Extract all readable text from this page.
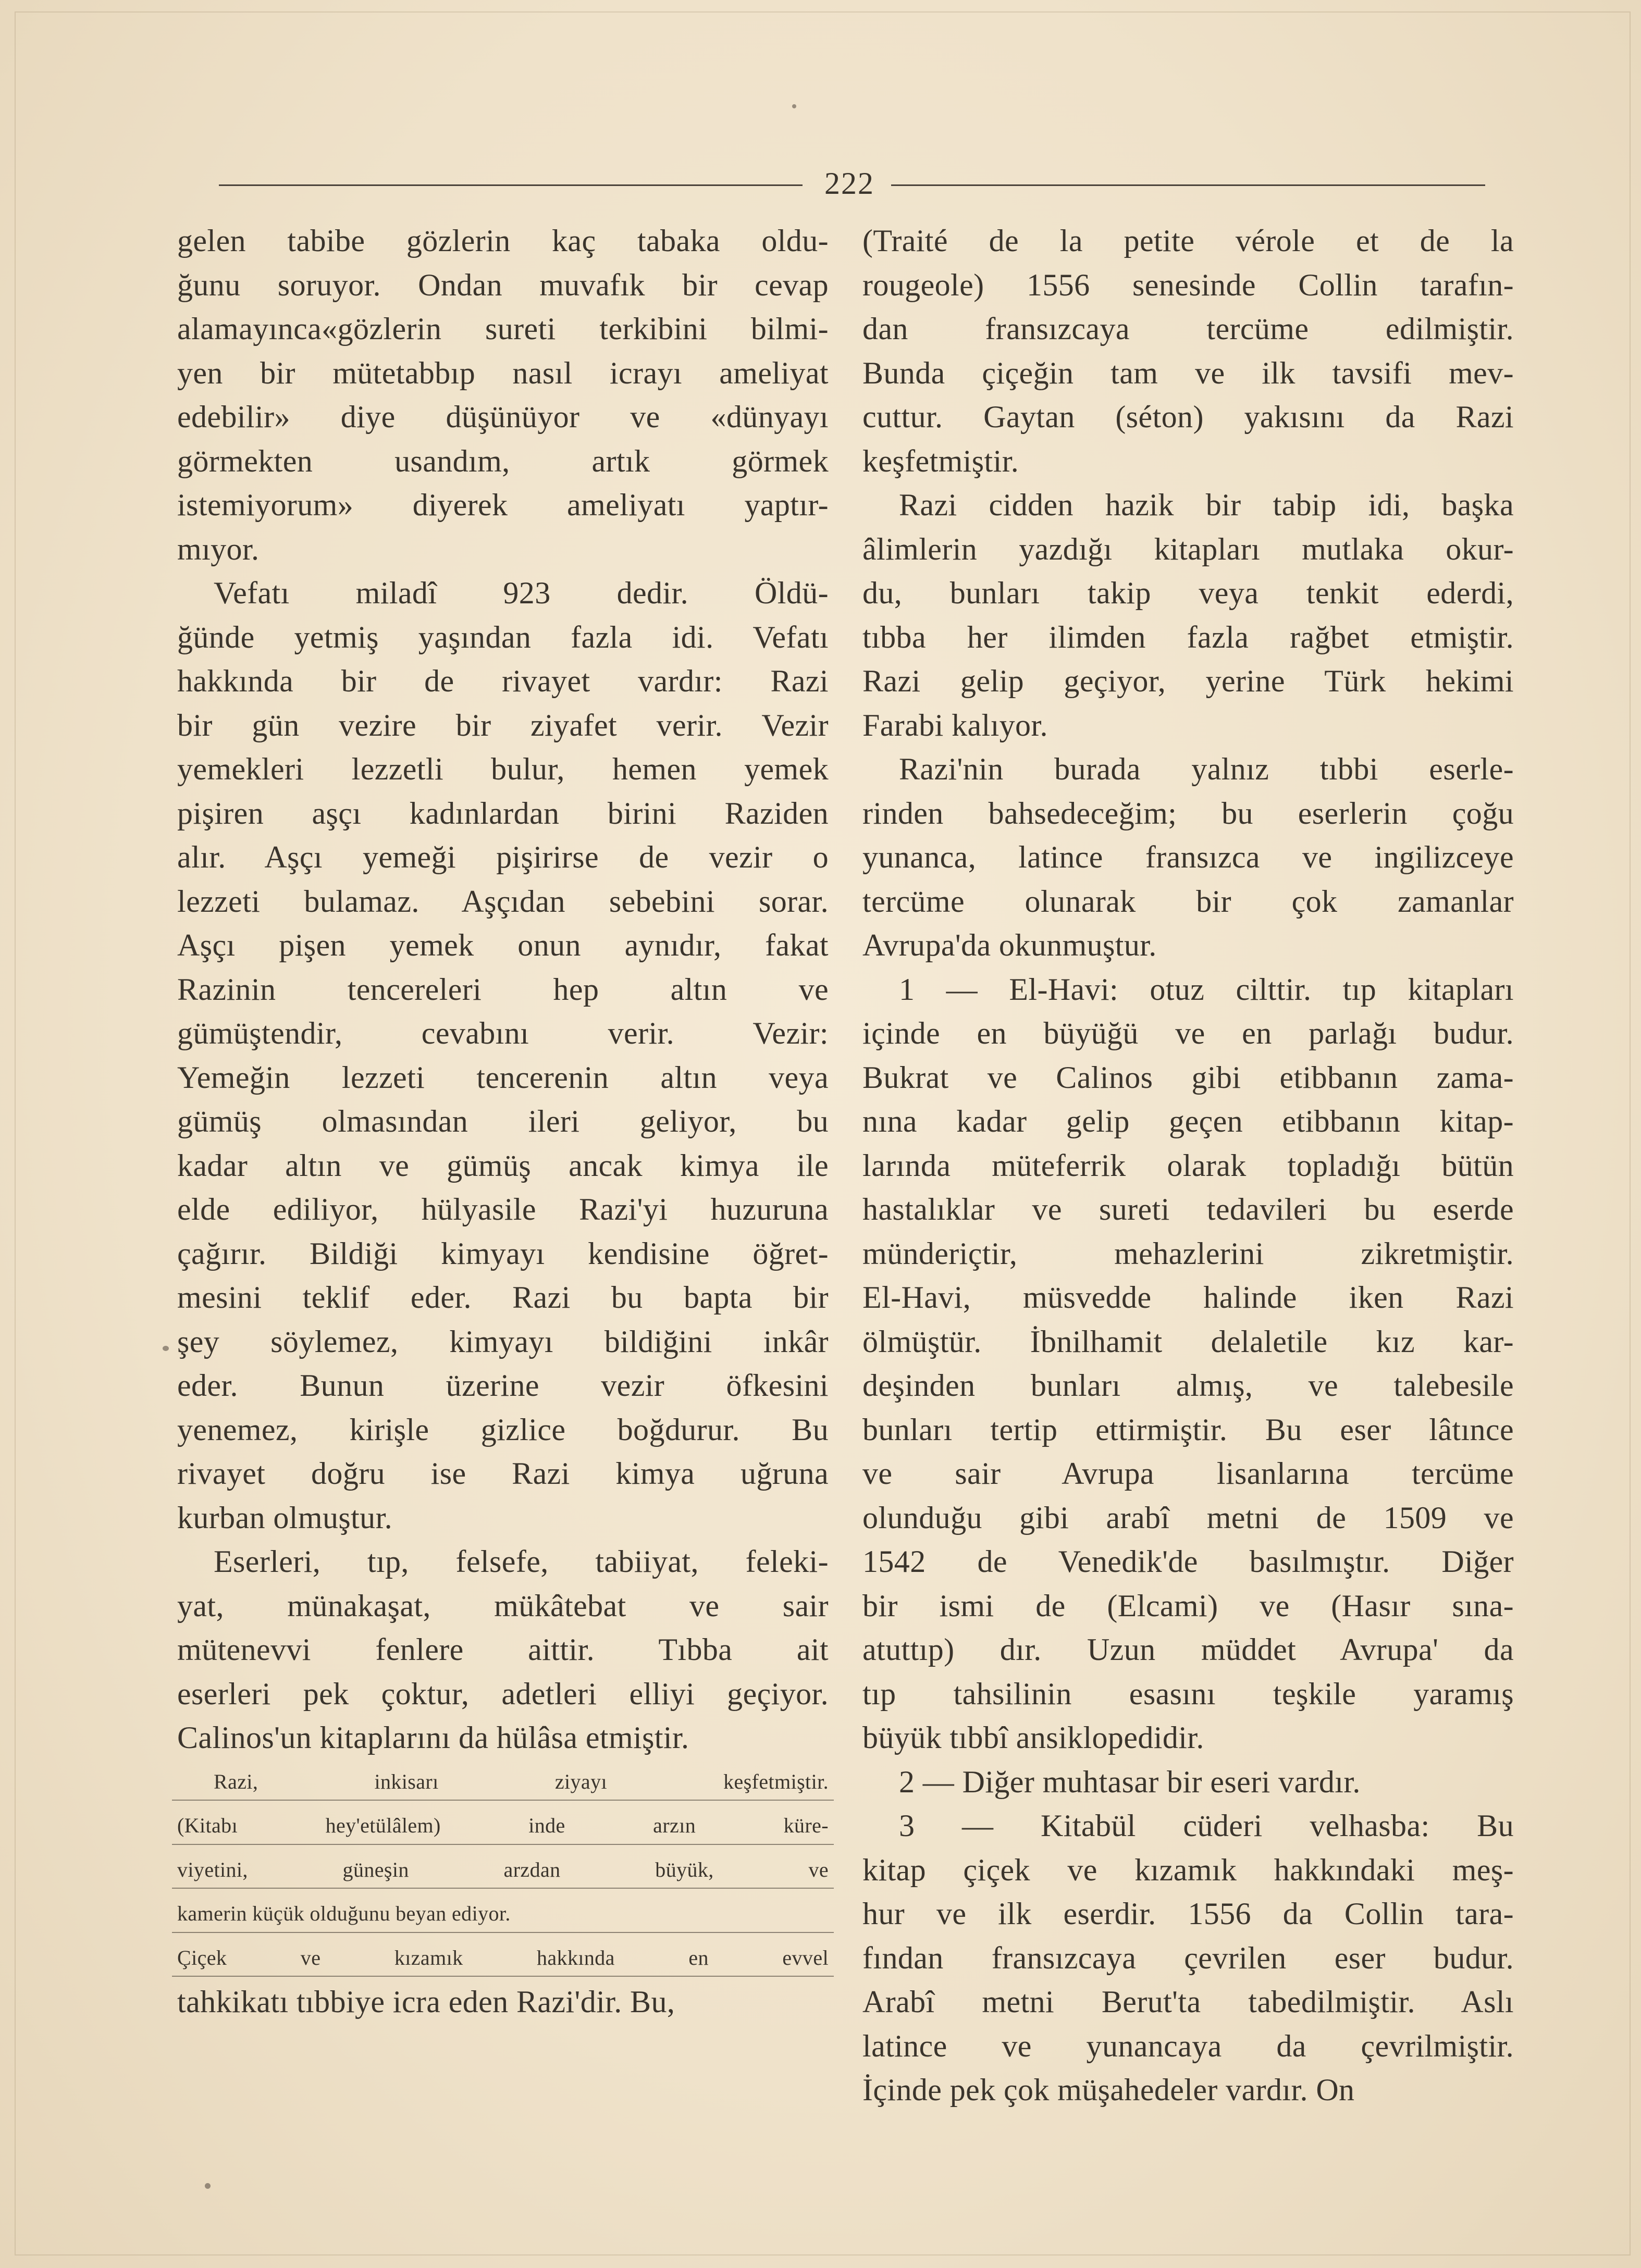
222
gelen tabibe gözlerin kaç tabaka oldu-
ğunu soruyor. Ondan muvafık bir cevap
alamayınca«gözlerin sureti terkibini bilmi-
yen bir mütetabbıp nasıl icrayı ameliyat
edebilir» diye düşünüyor ve «dünyayı
görmekten usandım, artık görmek
istemiyorum» diyerek ameliyatı yaptır-
mıyor.
Vefatı miladî 923 dedir. Öldü-
ğünde yetmiş yaşından fazla idi. Vefatı
hakkında bir de rivayet vardır: Razi
bir gün vezire bir ziyafet verir. Vezir
yemekleri lezzetli bulur, hemen yemek
pişiren aşçı kadınlardan birini Raziden
alır. Aşçı yemeği pişirirse de vezir o
lezzeti bulamaz. Aşçıdan sebebini sorar.
Aşçı pişen yemek onun aynıdır, fakat
Razinin tencereleri hep altın ve
gümüştendir, cevabını verir. Vezir:
Yemeğin lezzeti tencerenin altın veya
gümüş olmasından ileri geliyor, bu
kadar altın ve gümüş ancak kimya ile
elde ediliyor, hülyasile Razi'yi huzuruna
çağırır. Bildiği kimyayı kendisine öğret-
mesini teklif eder. Razi bu bapta bir
şey söylemez, kimyayı bildiğini inkâr
eder. Bunun üzerine vezir öfkesini
yenemez, kirişle gizlice boğdurur. Bu
rivayet doğru ise Razi kimya uğruna
kurban olmuştur.
Eserleri, tıp, felsefe, tabiiyat, feleki-
yat, münakaşat, mükâtebat ve sair
mütenevvi fenlere aittir. Tıbba ait
eserleri pek çoktur, adetleri elliyi geçiyor.
Calinos'un kitaplarını da hülâsa etmiştir.
Razi, inkisarı ziyayı keşfetmiştir.
(Kitabı hey'etülâlem) inde arzın küre-
viyetini, güneşin arzdan büyük, ve
kamerin küçük olduğunu beyan ediyor.
Çiçek ve kızamık hakkında en evvel
tahkikatı tıbbiye icra eden Razi'dir. Bu,
(Traité de la petite vérole et de la
rougeole) 1556 senesinde Collin tarafın-
dan fransızcaya tercüme edilmiştir.
Bunda çiçeğin tam ve ilk tavsifi mev-
cuttur. Gaytan (séton) yakısını da Razi
keşfetmiştir.
Razi cidden hazik bir tabip idi, başka
âlimlerin yazdığı kitapları mutlaka okur-
du, bunları takip veya tenkit ederdi,
tıbba her ilimden fazla rağbet etmiştir.
Razi gelip geçiyor, yerine Türk hekimi
Farabi kalıyor.
Razi'nin burada yalnız tıbbi eserle-
rinden bahsedeceğim; bu eserlerin çoğu
yunanca, latince fransızca ve ingilizceye
tercüme olunarak bir çok zamanlar
Avrupa'da okunmuştur.
1 — El-Havi: otuz cilttir. tıp kitapları
içinde en büyüğü ve en parlağı budur.
Bukrat ve Calinos gibi etibbanın zama-
nına kadar gelip geçen etibbanın kitap-
larında müteferrik olarak topladığı bütün
hastalıklar ve sureti tedavileri bu eserde
münderiçtir, mehazlerini zikretmiştir.
El-Havi, müsvedde halinde iken Razi
ölmüştür. İbnilhamit delaletile kız kar-
deşinden bunları almış, ve talebesile
bunları tertip ettirmiştir. Bu eser lâtınce
ve sair Avrupa lisanlarına tercüme
olunduğu gibi arabî metni de 1509 ve
1542 de Venedik'de basılmıştır. Diğer
bir ismi de (Elcami) ve (Hasır sına-
atuttıp) dır. Uzun müddet Avrupa' da
tıp tahsilinin esasını teşkile yaramış
büyük tıbbî ansiklopedidir.
2 — Diğer muhtasar bir eseri vardır.
3 — Kitabül cüderi velhasba: Bu
kitap çiçek ve kızamık hakkındaki meş-
hur ve ilk eserdir. 1556 da Collin tara-
fından fransızcaya çevrilen eser budur.
Arabî metni Berut'ta tabedilmiştir. Aslı
latince ve yunancaya da çevrilmiştir.
İçinde pek çok müşahedeler vardır. On
